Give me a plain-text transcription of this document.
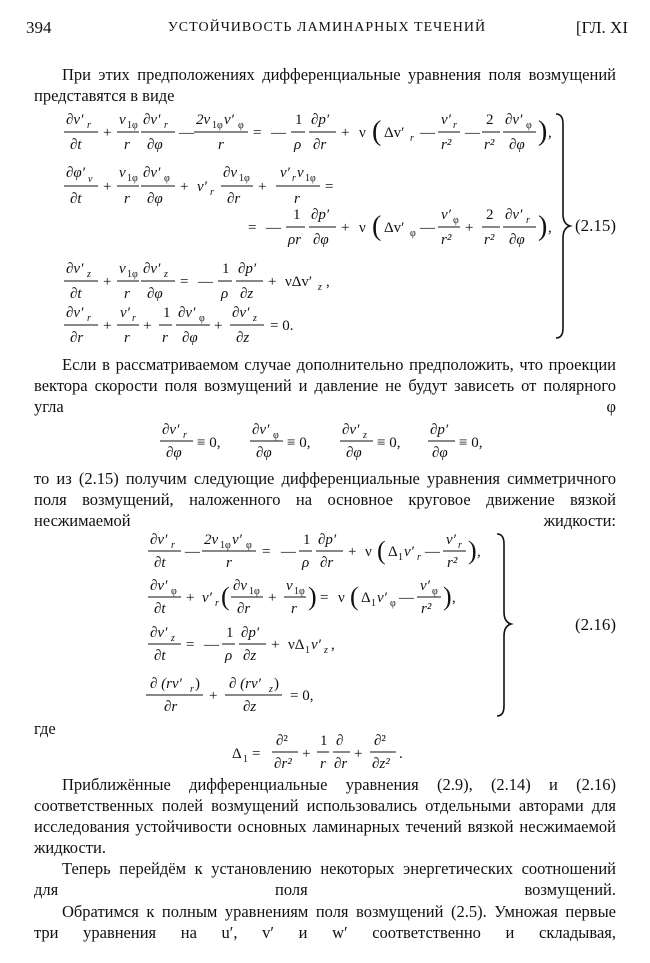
394	УСТОЙЧИВОСТЬ ЛАМИНАРНЫХ ТЕЧЕНИЙ	[ГЛ. XI

При этих предположениях дифференциальные уравнения поля возмущений представятся в виде

∂v′ r
∂t
+
v 1φ
r
∂v′ r
∂φ
—
2v 1φ v′ φ
r
= —
1
ρ
∂p′
∂r
+ ν ( Δv′ r —
v′ r
r²
—
2
r²
∂v′ φ
∂φ ) ,
∂φ′ v
∂t
+
v 1φ
r
∂v′ φ
∂φ
+ v′ r
∂v 1φ
∂r
+
v′ r v 1φ
r
=
= —
1
ρr
∂p′
∂φ
+ ν ( Δv′ φ —
v′ φ
r²
+
2
r²
∂v′ r
∂φ ) ,
∂v′ z
∂t
+
v 1φ
r
∂v′ z
∂φ
= —
1
ρ
∂p′
∂z
+ νΔv′ z ,
∂v′ r
∂r
+
v′ r
r
+
1
r
∂v′ φ
∂φ
+
∂v′ z
∂z
= 0.
(2.15)

Если в рассматриваемом случае дополнительно предположить, что проекции вектора скорости поля возмущений и давление не будут зависеть от полярного угла φ

∂v′ r
∂φ
≡ 0,
∂v′ φ
∂φ
≡ 0,
∂v′ z
∂φ
≡ 0,
∂p′
∂φ
≡ 0,

то из (2.15) получим следующие дифференциальные уравнения симметричного поля возмущений, наложенного на основное круговое движение вязкой несжимаемой жидкости:

∂v′ r
∂t
—
2v 1φ v′ φ
r
= —
1
ρ
∂p′
∂r
+ ν ( Δ 1 v′ r —
v′ r
r² ) ,
∂v′ φ
∂t
+ v′ r ( ∂v 1φ
∂r
+
v 1φ
r ) = ν ( Δ 1 v′ φ —
v′ φ
r² ) ,
∂v′ z
∂t
= —
1
ρ
∂p′
∂z
+ νΔ 1 v′ z ,
∂ (rv′ r )
∂r
+
∂ (rv′ z )
∂z
= 0,
(2.16)
где
Δ 1 =
∂²
∂r²
+
1
r
∂
∂r
+
∂²
∂z²
.

Приближённые дифференциальные уравнения (2.9), (2.14) и (2.16) соответственных полей возмущений использовались отдельными авторами для исследования устойчивости основных ламинарных течений вязкой несжимаемой жидкости.

Теперь перейдём к установлению некоторых энергетических соотношений для поля возмущений.

Обратимся к полным уравнениям поля возмущений (2.5). Умножая первые три уравнения на u′, v′ и w′ соответственно и складывая,
